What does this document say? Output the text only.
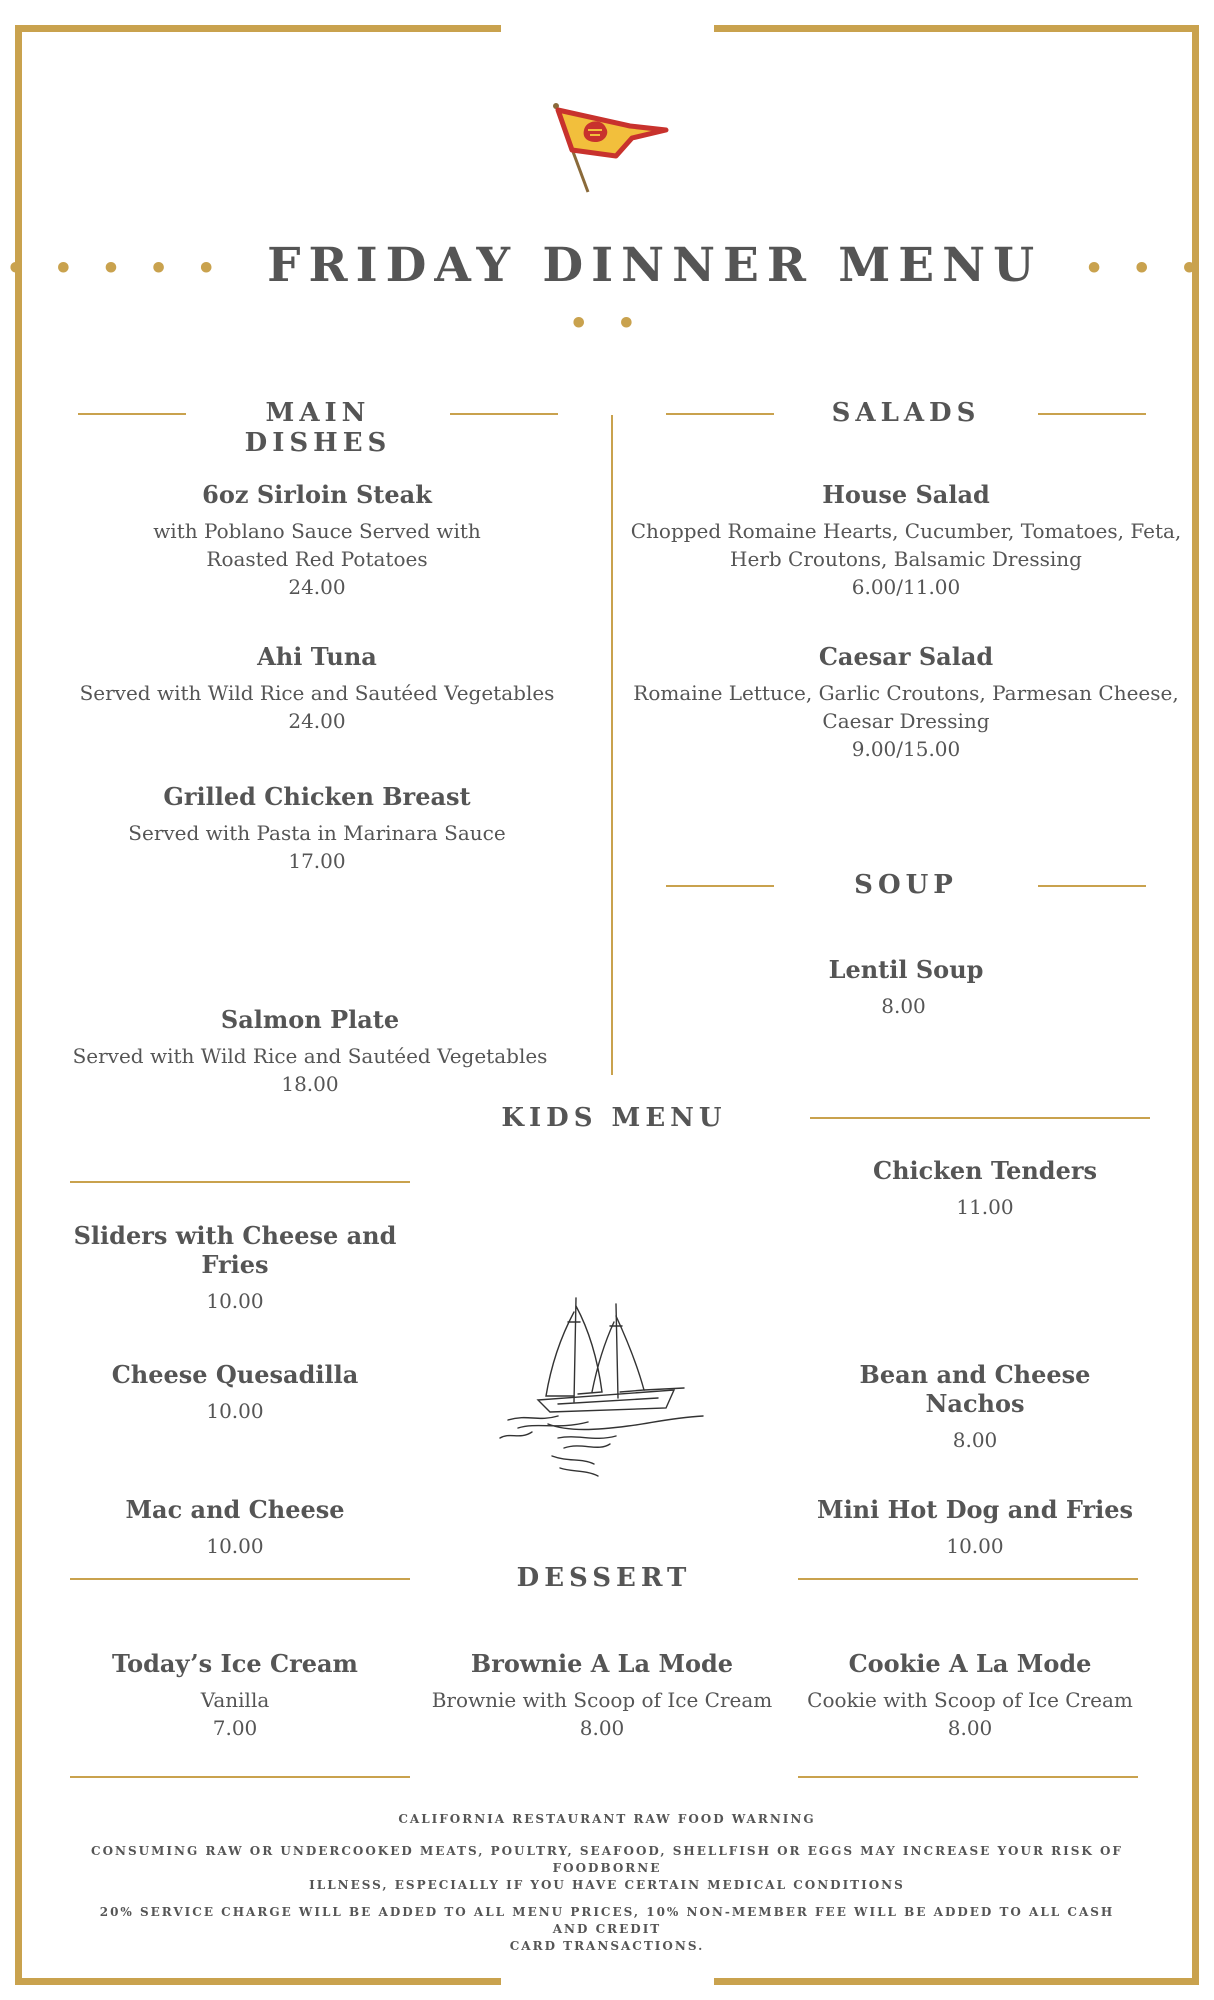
• • • • • FRIDAY DINNER MENU • • • • •
MAIN DISHES
SALADS
6oz Sirloin Steak
with Poblano Sauce Served with
Roasted Red Potatoes
24.00
Ahi Tuna
Served with Wild Rice and Sautéed Vegetables
24.00
Grilled Chicken Breast
Served with Pasta in Marinara Sauce
17.00
Salmon Plate
Served with Wild Rice and Sautéed Vegetables
18.00
House Salad
Chopped Romaine Hearts, Cucumber, Tomatoes, Feta,
Herb Croutons, Balsamic Dressing
6.00/11.00
Caesar Salad
Romaine Lettuce, Garlic Croutons, Parmesan Cheese,
Caesar Dressing
9.00/15.00
SOUP
Lentil Soup
8.00
KIDS MENU
Chicken Tenders
11.00
Sliders with Cheese and Fries
10.00
Cheese Quesadilla
10.00
Bean and Cheese Nachos
8.00
Mac and Cheese
10.00
Mini Hot Dog and Fries
10.00
DESSERT
Today’s Ice Cream
Vanilla
7.00
Brownie A La Mode
Brownie with Scoop of Ice Cream
8.00
Cookie A La Mode
Cookie with Scoop of Ice Cream
8.00
CALIFORNIA RESTAURANT RAW FOOD WARNING
CONSUMING RAW OR UNDERCOOKED MEATS, POULTRY, SEAFOOD, SHELLFISH OR EGGS MAY INCREASE YOUR RISK OF FOODBORNE
ILLNESS, ESPECIALLY IF YOU HAVE CERTAIN MEDICAL CONDITIONS
20% SERVICE CHARGE WILL BE ADDED TO ALL MENU PRICES, 10% NON-MEMBER FEE WILL BE ADDED TO ALL CASH AND CREDIT
CARD TRANSACTIONS.
